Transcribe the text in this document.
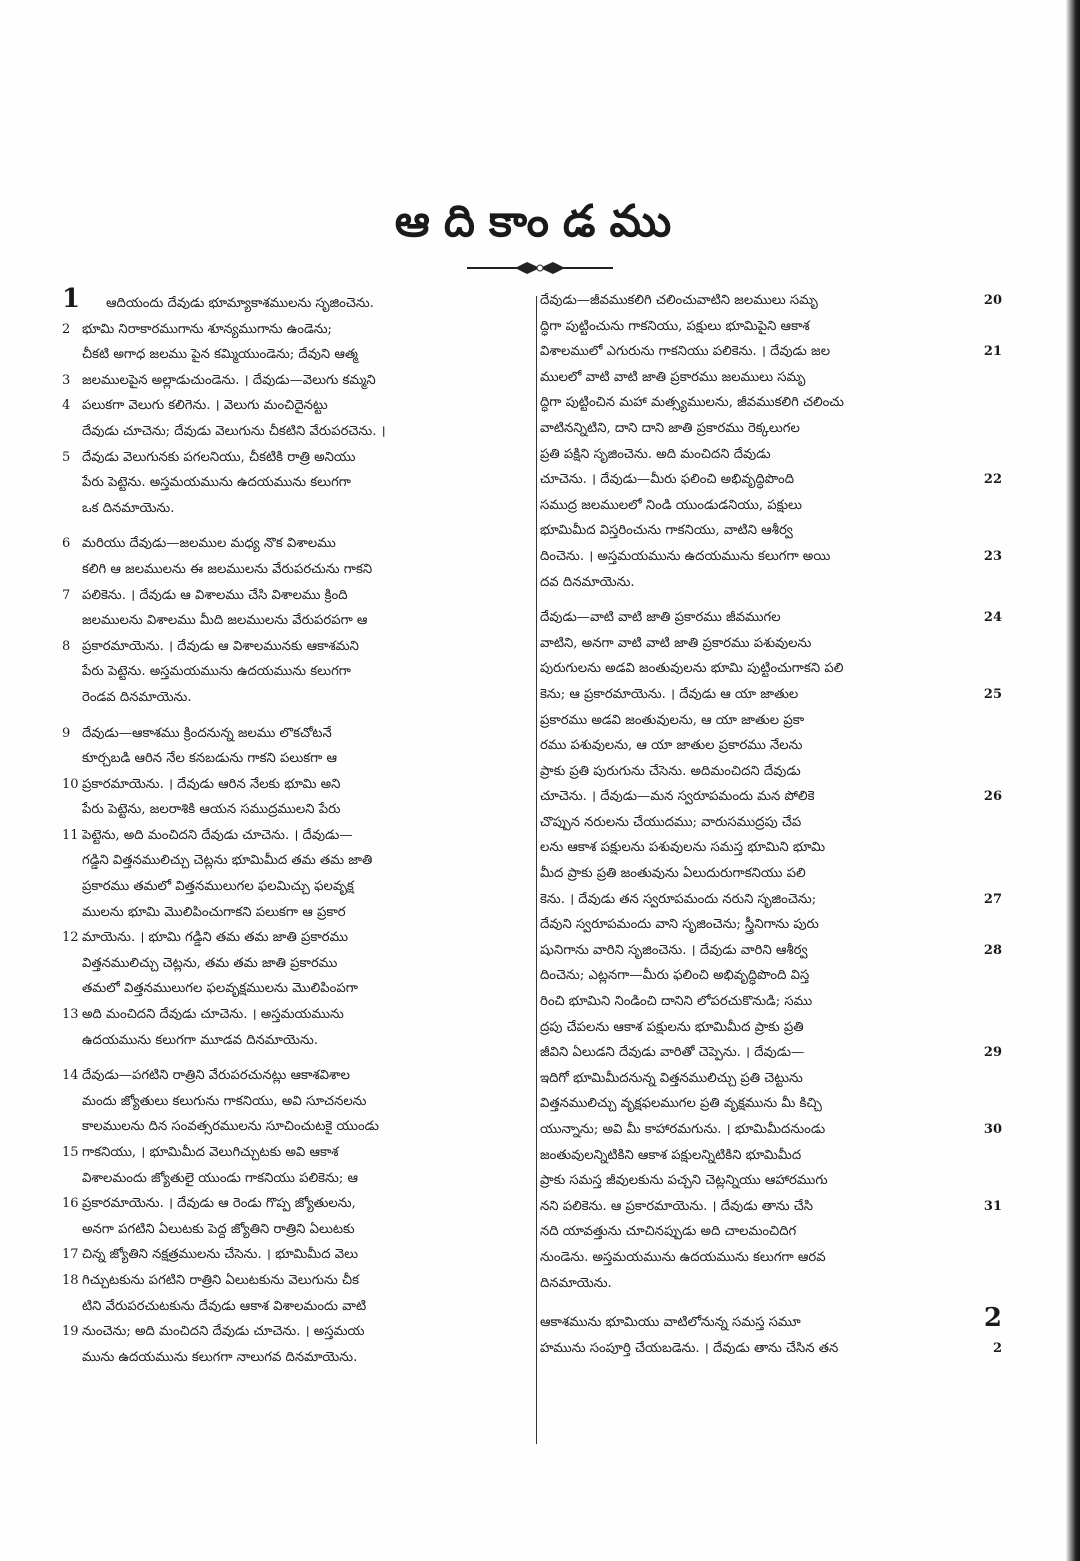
ఆదికాండము
1	ఆదియందు దేవుడు భూమ్యాకాశములను సృజించెను.
2 భూమి నిరాకారముగాను శూన్యముగాను ఉండెను;
చీకటి అగాధ జలము పైన కమ్మియుండెను; దేవుని ఆత్మ
3 జలములపైన అల్లాడుచుండెను. । దేవుడు—వెలుగు కమ్మని
4 పలుకగా వెలుగు కలిగెను. । వెలుగు మంచిదైనట్టు
దేవుడు చూచెను; దేవుడు వెలుగును చీకటిని వేరుపరచెను. ।
5 దేవుడు వెలుగునకు పగలనియు, చీకటికి రాత్రి అనియు
పేరు పెట్టెను. అస్తమయమును ఉదయమును కలుగగా
ఒక దినమాయెను.
6 మరియు దేవుడు—జలముల మధ్య నొక విశాలము
కలిగి ఆ జలములను ఈ జలములను వేరుపరచును గాకని
7 పలికెను. । దేవుడు ఆ విశాలము చేసి విశాలము క్రింది
జలములను విశాలము మీది జలములను వేరుపరపగా ఆ
8 ప్రకారమాయెను. । దేవుడు ఆ విశాలమునకు ఆకాశమని
పేరు పెట్టెను. అస్తమయమును ఉదయమును కలుగగా
రెండవ దినమాయెను.
9 దేవుడు—ఆకాశము క్రిందనున్న జలము లొకచోటనే
కూర్చబడి ఆరిన నేల కనబడును గాకని పలుకగా ఆ
10 ప్రకారమాయెను. । దేవుడు ఆరిన నేలకు భూమి అని
పేరు పెట్టెను, జలరాశికి ఆయన సముద్రములని పేరు
11 పెట్టెను, అది మంచిదని దేవుడు చూచెను. । దేవుడు—
గడ్డిని విత్తనములిచ్చు చెట్లను భూమిమీద తమ తమ జాతి
ప్రకారము తమలో విత్తనములుగల ఫలమిచ్చు ఫలవృక్ష
ములను భూమి మొలిపించుగాకని పలుకగా ఆ ప్రకార
12 మాయెను. । భూమి గడ్డిని తమ తమ జాతి ప్రకారము
విత్తనములిచ్చు చెట్లను, తమ తమ జాతి ప్రకారము
తమలో విత్తనములుగల ఫలవృక్షములను మొలిపింపగా
13 అది మంచిదని దేవుడు చూచెను. । అస్తమయమును
ఉదయమును కలుగగా మూడవ దినమాయెను.
14 దేవుడు—పగటిని రాత్రిని వేరుపరచునట్లు ఆకాశవిశాల
మందు జ్యోతులు కలుగును గాకనియు, అవి సూచనలను
కాలములను దిన సంవత్సరములను సూచించుటకై యుండు
15 గాకనియు, । భూమిమీద వెలుగిచ్చుటకు అవి ఆకాశ
విశాలమందు జ్యోతులై యుండు గాకనియు పలికెను; ఆ
16 ప్రకారమాయెను. । దేవుడు ఆ రెండు గొప్ప జ్యోతులను,
అనగా పగటిని ఏలుటకు పెద్ద జ్యోతిని రాత్రిని ఏలుటకు
17 చిన్న జ్యోతిని నక్షత్రములను చేసెను. । భూమిమీద వెలు
18 గిచ్చుటకును పగటిని రాత్రిని ఏలుటకును వెలుగును చీక
టిని వేరుపరచుటకును దేవుడు ఆకాశ విశాలమందు వాటి
19 నుంచెను; అది మంచిదని దేవుడు చూచెను. । అస్తమయ
మును ఉదయమును కలుగగా నాలుగవ దినమాయెను.
దేవుడు—జీవముకలిగి చలించువాటిని జలములు సమృ	20
ద్ధిగా పుట్టించును గాకనియు, పక్షులు భూమిపైని ఆకాశ
విశాలములో ఎగురును గాకనియు పలికెను. । దేవుడు జల	21
ములలో వాటి వాటి జాతి ప్రకారము జలములు సమృ
ద్ధిగా పుట్టించిన మహా మత్స్యములను, జీవముకలిగి చలించు
వాటినన్నిటిని, దాని దాని జాతి ప్రకారము రెక్కలుగల
ప్రతి పక్షిని సృజించెను. అది మంచిదని దేవుడు
చూచెను. । దేవుడు—మీరు ఫలించి అభివృద్ధిపొంది	22
సముద్ర జలములలో నిండి యుండుడనియు, పక్షులు
భూమిమీద విస్తరించును గాకనియు, వాటిని ఆశీర్వ
దించెను. । అస్తమయమును ఉదయమును కలుగగా అయి	23
దవ దినమాయెను.
దేవుడు—వాటి వాటి జాతి ప్రకారము జీవముగల	24
వాటిని, అనగా వాటి వాటి జాతి ప్రకారము పశువులను
పురుగులను అడవి జంతువులను భూమి పుట్టించుగాకని పలి
కెను; ఆ ప్రకారమాయెను. । దేవుడు ఆ యా జాతుల	25
ప్రకారము అడవి జంతువులను, ఆ యా జాతుల ప్రకా
రము పశువులను, ఆ యా జాతుల ప్రకారము నేలను
ప్రాకు ప్రతి పురుగును చేసెను. అదిమంచిదని దేవుడు
చూచెను. । దేవుడు—మన స్వరూపమందు మన పోలికె	26
చొప్పున నరులను చేయుదము; వారుసముద్రపు చేప
లను ఆకాశ పక్షులను పశువులను సమస్త భూమిని భూమి
మీద ప్రాకు ప్రతి జంతువును ఏలుదురుగాకనియు పలి
కెను. । దేవుడు తన స్వరూపమందు నరుని సృజించెను;	27
దేవుని స్వరూపమందు వాని సృజించెను; స్త్రీనిగాను పురు
షునిగాను వారిని సృజించెను. । దేవుడు వారిని ఆశీర్వ	28
దించెను; ఎట్లనగా—మీరు ఫలించి అభివృద్ధిపొంది విస్త
రించి భూమిని నిండించి దానిని లోపరచుకొనుడి; సము
ద్రపు చేపలను ఆకాశ పక్షులను భూమిమీద ప్రాకు ప్రతి
జీవిని ఏలుడని దేవుడు వారితో చెప్పెను. । దేవుడు—	29
ఇదిగో భూమిమీదనున్న విత్తనములిచ్చు ప్రతి చెట్టును
విత్తనములిచ్చు వృక్షఫలముగల ప్రతి వృక్షమును మీ కిచ్చి
యున్నాను; అవి మీ కాహారమగును. । భూమిమీదనుండు	30
జంతువులన్నిటికిని ఆకాశ పక్షులన్నిటికిని భూమిమీద
ప్రాకు సమస్త జీవులకును పచ్చని చెట్లన్నియు ఆహారముగు
నని పలికెను. ఆ ప్రకారమాయెను. । దేవుడు తాను చేసి	31
నది యావత్తును చూచినప్పుడు అది చాలమంచిదిగ
నుండెను. అస్తమయమును ఉదయమును కలుగగా ఆరవ
దినమాయెను.
ఆకాశమును భూమియు వాటిలోనున్న సమస్త సమూ	2
హమును సంపూర్తి చేయబడెను. । దేవుడు తాను చేసిన తన	2
